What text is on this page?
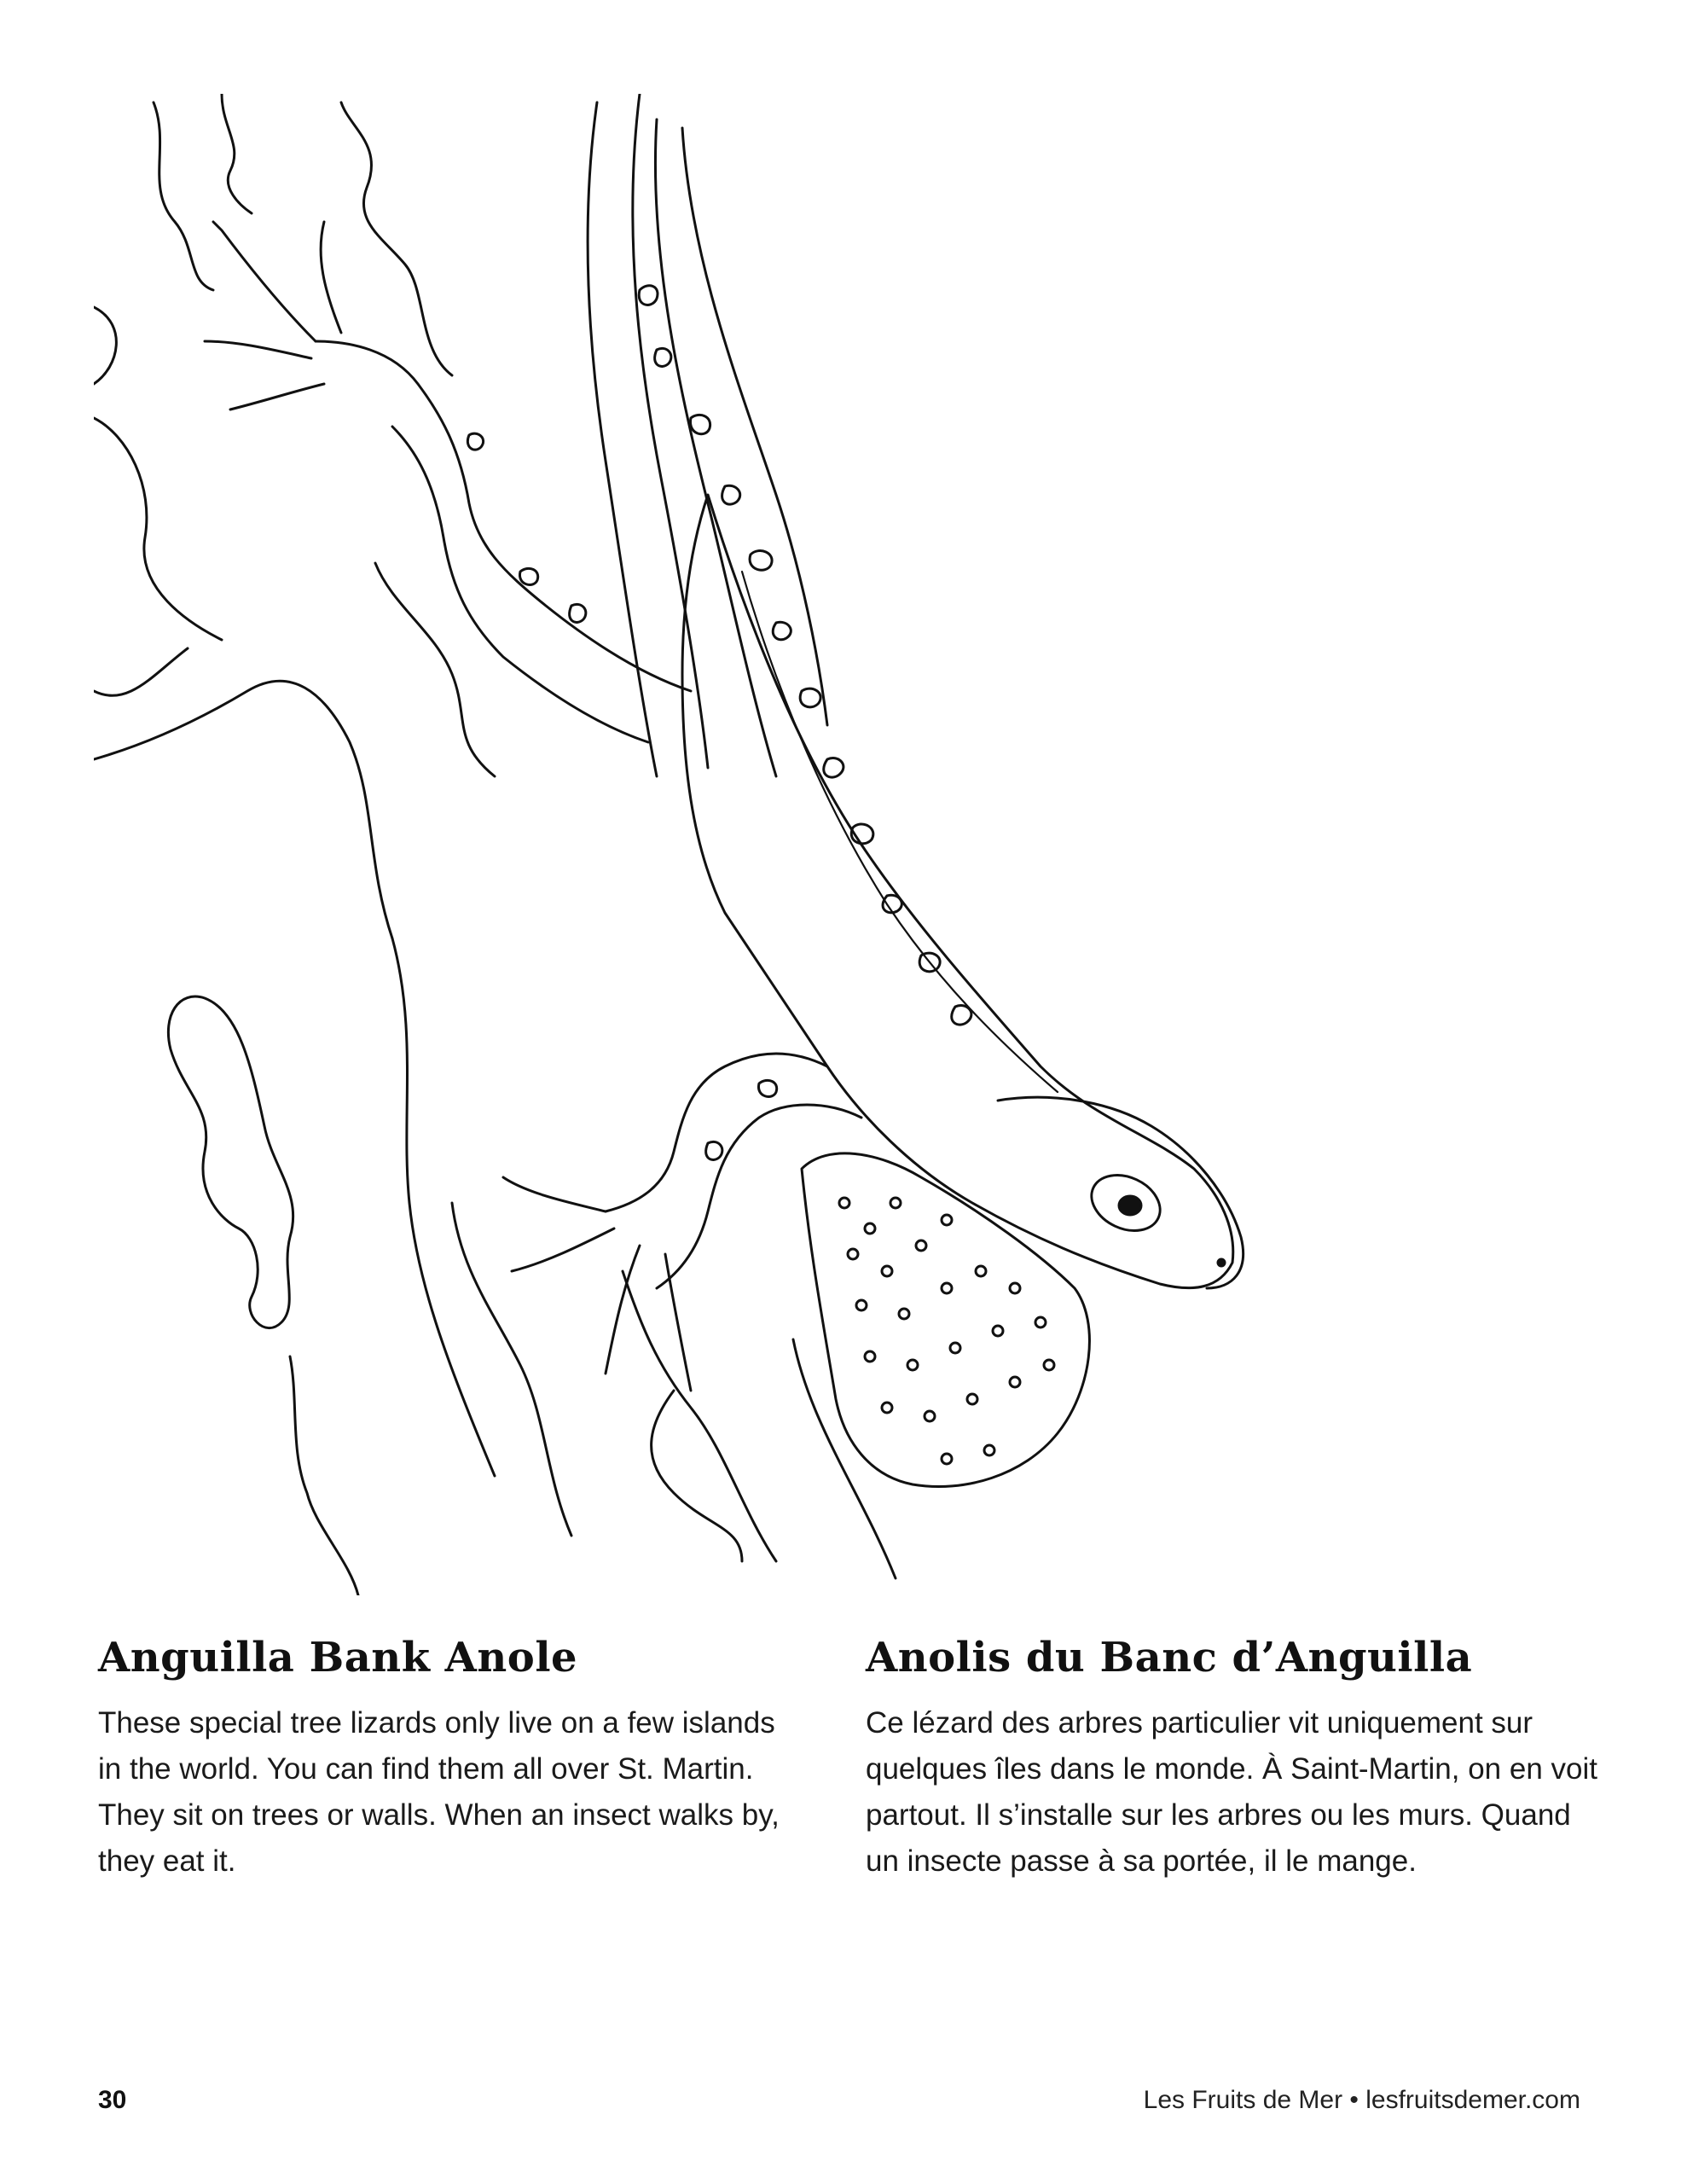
Anguilla Bank Anole

These special tree lizards only live on a few islands in the world. You can find them all over St. Martin. They sit on trees or walls. When an insect walks by, they eat it.

Anolis du Banc d’Anguilla

Ce lézard des arbres particulier vit uniquement sur quelques îles dans le monde. À Saint-Martin, on en voit partout. Il s’installe sur les arbres ou les murs. Quand un insecte passe à sa portée, il le mange.

30	Les Fruits de Mer • lesfruitsdemer.com
